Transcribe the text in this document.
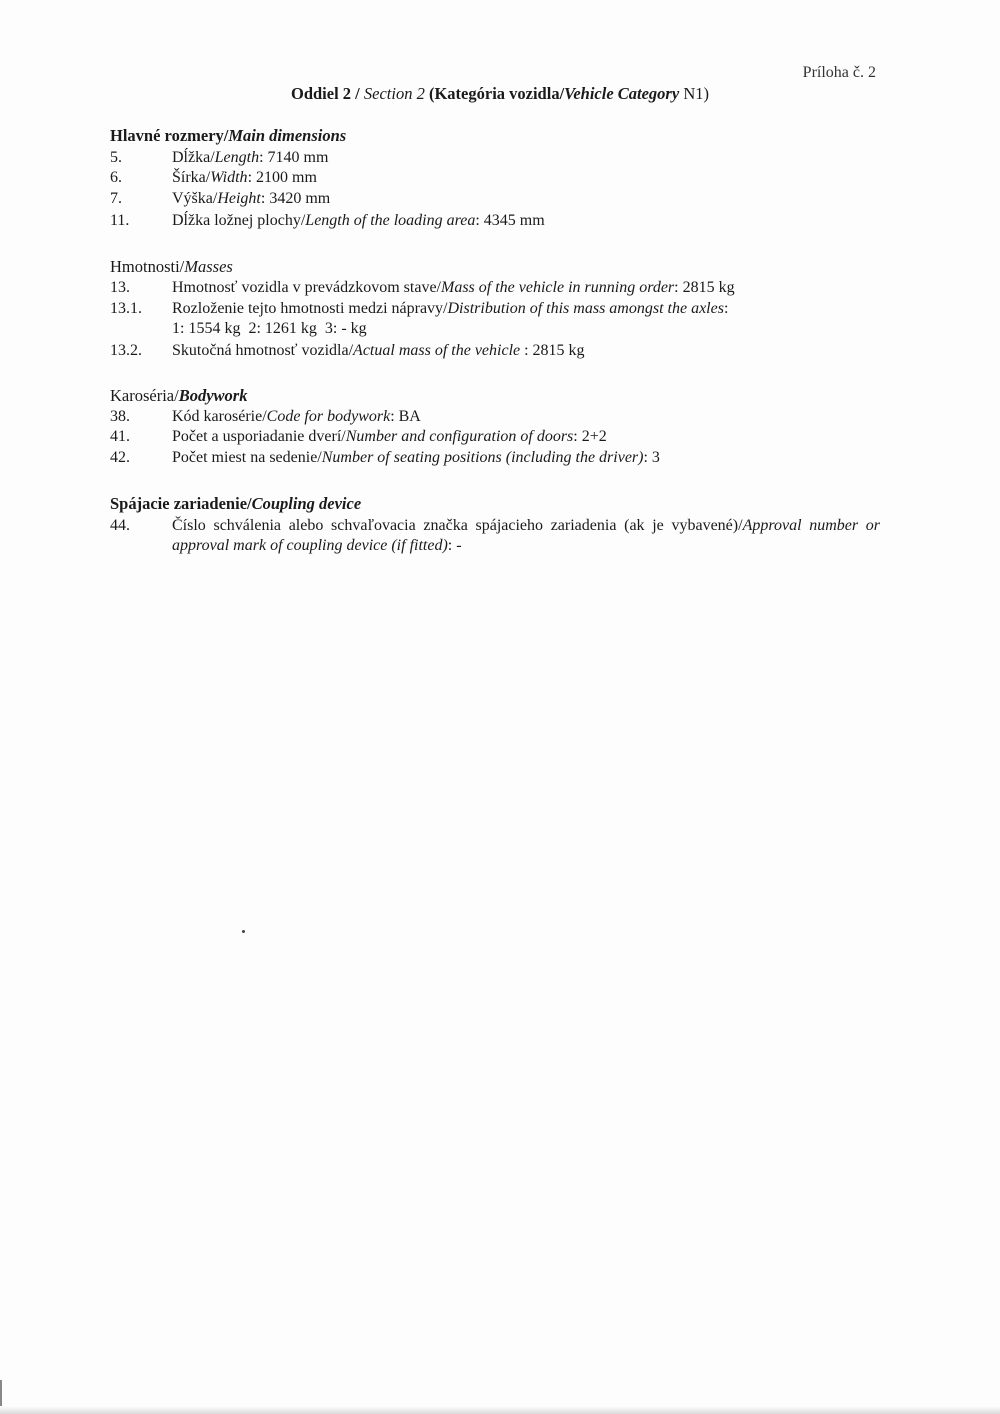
Príloha č. 2
Oddiel 2 / Section 2 (Kategória vozidla/Vehicle Category N1)
Hlavné rozmery/Main dimensions
5.	Dĺžka/Length: 7140 mm
6.	Šírka/Width: 2100 mm
7.	Výška/Height: 3420 mm
11.	Dĺžka ložnej plochy/Length of the loading area: 4345 mm
Hmotnosti/Masses
13.	Hmotnosť vozidla v prevádzkovom stave/Mass of the vehicle in running order: 2815 kg
13.1.	Rozloženie tejto hmotnosti medzi nápravy/Distribution of this mass amongst the axles:
1: 1554 kg  2: 1261 kg  3: - kg
13.2.	Skutočná hmotnosť vozidla/Actual mass of the vehicle : 2815 kg
Karoséria/Bodywork
38.	Kód karosérie/Code for bodywork: BA
41.	Počet a usporiadanie dverí/Number and configuration of doors: 2+2
42.	Počet miest na sedenie/Number of seating positions (including the driver): 3
Spájacie zariadenie/Coupling device
44.	Číslo schválenia alebo schvaľovacia značka spájacieho zariadenia (ak je vybavené)/Approval number or approval mark of coupling device (if fitted): -
